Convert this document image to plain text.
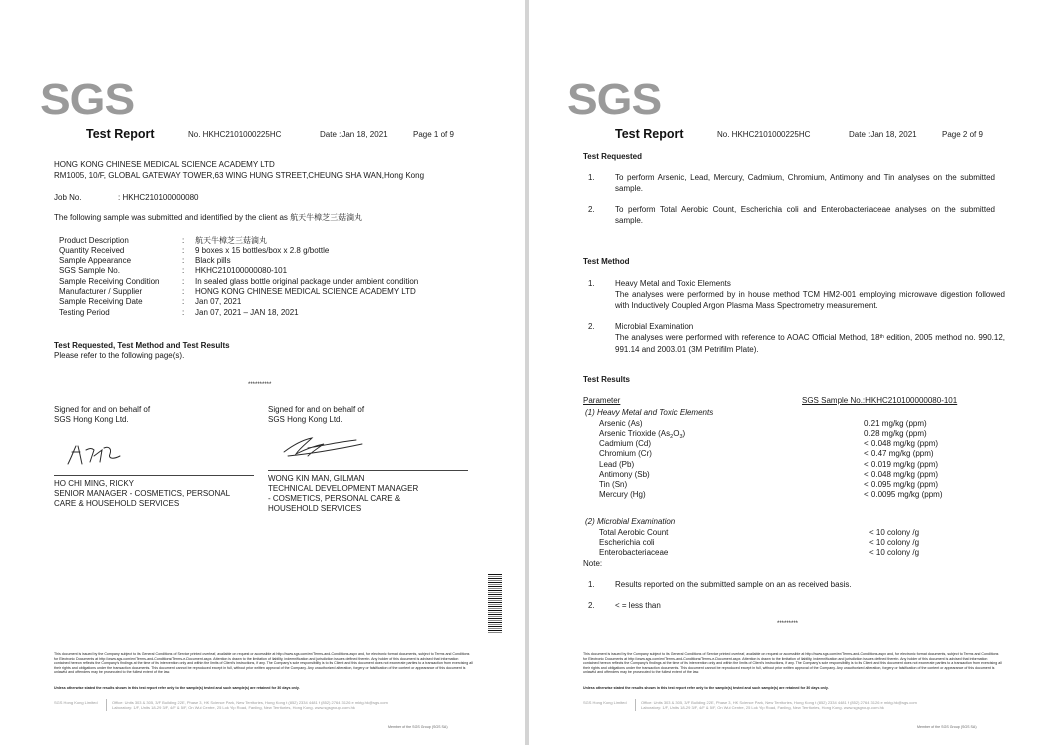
SGS
Test Report	No. HKHC2101000225HC	Date :Jan 18, 2021	Page 1 of 9
HONG KONG CHINESE MEDICAL SCIENCE ACADEMY LTD
RM1005, 10/F, GLOBAL GATEWAY TOWER,63 WING HUNG STREET,CHEUNG SHA WAN,Hong Kong
Job No.	: HKHC210100000080
The following sample was submitted and identified by the client as 航天牛樟芝三菇滴丸
Product Description	: 航天牛樟芝三菇滴丸
Quantity Received	: 9 boxes x 15 bottles/box x 2.8 g/bottle
Sample Appearance	: Black pills
SGS Sample No.	: HKHC210100000080-101
Sample Receiving Condition	: In sealed glass bottle original package under ambient condition
Manufacturer / Supplier	: HONG KONG CHINESE MEDICAL SCIENCE ACADEMY LTD
Sample Receiving Date	: Jan 07, 2021
Testing Period	: Jan 07, 2021 – JAN 18, 2021
Test Requested, Test Method and Test Results
Please refer to the following page(s).
**********
Signed for and on behalf of
SGS Hong Kong Ltd.
HO CHI MING, RICKY
SENIOR MANAGER - COSMETICS, PERSONAL
CARE & HOUSEHOLD SERVICES
Signed for and on behalf of
SGS Hong Kong Ltd.
WONG KIN MAN, GILMAN
TECHNICAL DEVELOPMENT MANAGER
- COSMETICS, PERSONAL CARE &
HOUSEHOLD SERVICES
This document is issued by the Company subject to its General Conditions of Service printed overleaf, available on request or accessible at http://www.sgs.com/en/Terms-and-Conditions.aspx and, for electronic format documents, subject to Terms and Conditions for Electronic Documents at http://www.sgs.com/en/Terms-and-Conditions/Terms-e-Document.aspx. Attention is drawn to the limitation of liability, indemnification and jurisdiction issues defined therein. Any holder of this document is advised that information contained hereon reflects the Company's findings at the time of its intervention only and within the limits of Client's instructions, if any. The Company's sole responsibility is to its Client and this document does not exonerate parties to a transaction from exercising all their rights and obligations under the transaction documents. This document cannot be reproduced except in full, without prior written approval of the Company. Any unauthorized alteration, forgery or falsification of the content or appearance of this document is unlawful and offenders may be prosecuted to the fullest extent of the law.
Unless otherwise stated the results shown in this test report refer only to the sample(s) tested and such sample(s) are retained for 30 days only.
SGS Hong Kong Limited	Office: Units 303 & 305, 3/F Building 22E, Phase 3, HK Science Park, New Territories, Hong Kong t (852) 2334 4481 f (852) 2764 3126 e mktg.hk@sgs.com
Laboratory: 1/F, Units 18-29 3/F, 4/F & 5/F, On Wui Centre, 25 Lok Yip Road, Fanling, New Territories, Hong Kong. www.sgsgroup.com.hk
Member of the SGS Group (SGS SA)
SGS
Test Report	No. HKHC2101000225HC	Date :Jan 18, 2021	Page 2 of 9
Test Requested
1.	To perform Arsenic, Lead, Mercury, Cadmium, Chromium, Antimony and Tin analyses on the submitted sample.
2.	To perform Total Aerobic Count, Escherichia coli and Enterobacteriaceae analyses on the submitted sample.
Test Method
1.	Heavy Metal and Toxic Elements
The analyses were performed by in house method TCM HM2-001 employing microwave digestion followed with Inductively Coupled Argon Plasma Mass Spectrometry measurement.
2.	Microbial Examination
The analyses were performed with reference to AOAC Official Method, 18th edition, 2005 method no. 990.12, 991.14 and 2003.01 (3M Petrifilm Plate).
Test Results
Parameter	SGS Sample No.:HKHC210100000080-101
(1) Heavy Metal and Toxic Elements
Arsenic (As)	0.21 mg/kg (ppm)
Arsenic Trioxide $(As_2O_3)$	0.28 mg/kg (ppm)
Cadmium (Cd)	< 0.048 mg/kg (ppm)
Chromium (Cr)	< 0.47 mg/kg (ppm)
Lead (Pb)	< 0.019 mg/kg (ppm)
Antimony (Sb)	< 0.048 mg/kg (ppm)
Tin (Sn)	< 0.095 mg/kg (ppm)
Mercury (Hg)	< 0.0095 mg/kg (ppm)
(2) Microbial Examination
Total Aerobic Count	< 10 colony /g
Escherichia coli	< 10 colony /g
Enterobacteriaceae	< 10 colony /g
Note:
1.	Results reported on the submitted sample on an as received basis.
2.	< = less than
*********
This document is issued by the Company subject to its General Conditions of Service printed overleaf, available on request or accessible at http://www.sgs.com/en/Terms-and-Conditions.aspx and, for electronic format documents, subject to Terms and Conditions for Electronic Documents at http://www.sgs.com/en/Terms-and-Conditions/Terms-e-Document.aspx. Attention is drawn to the limitation of liability, indemnification and jurisdiction issues defined therein. Any holder of this document is advised that information contained hereon reflects the Company's findings at the time of its intervention only and within the limits of Client's instructions, if any. The Company's sole responsibility is to its Client and this document does not exonerate parties to a transaction from exercising all their rights and obligations under the transaction documents. This document cannot be reproduced except in full, without prior written approval of the Company. Any unauthorized alteration, forgery or falsification of the content or appearance of this document is unlawful and offenders may be prosecuted to the fullest extent of the law.
Unless otherwise stated the results shown in this test report refer only to the sample(s) tested and such sample(s) are retained for 30 days only.
SGS Hong Kong Limited	Office: Units 303 & 305, 3/F Building 22E, Phase 3, HK Science Park, New Territories, Hong Kong t (852) 2334 4481 f (852) 2764 3126 e mktg.hk@sgs.com
Laboratory: 1/F, Units 18-29 3/F, 4/F & 5/F, On Wui Centre, 25 Lok Yip Road, Fanling, New Territories, Hong Kong. www.sgsgroup.com.hk
Member of the SGS Group (SGS SA)
